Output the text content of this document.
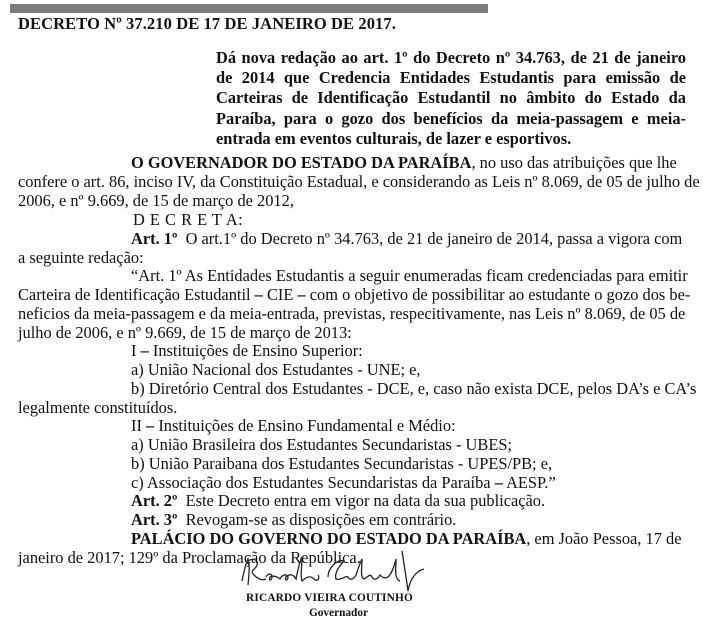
DECRETO Nº 37.210 DE 17 DE JANEIRO DE 2017.
Dá nova redação ao art. 1º do Decreto nº 34.763, de 21 de janeiro de 2014 que Credencia Entidades Estudantis para emissão de Carteiras de Identificação Estudantil no âmbito do Estado da Paraíba, para o gozo dos benefícios da meia-passagem e meia-entrada em eventos culturais, de lazer e esportivos.
O GOVERNADOR DO ESTADO DA PARAÍBA, no uso das atribuições que lhe
confere o art. 86, inciso IV, da Constituição Estadual, e considerando as Leis nº 8.069, de 05 de julho de
2006, e nº 9.669, de 15 de março de 2012,
D E C R E T A:
Art. 1º O art.1º do Decreto nº 34.763, de 21 de janeiro de 2014, passa a vigora com
a seguinte redação:
“Art. 1º As Entidades Estudantis a seguir enumeradas ficam credenciadas para emitir
Carteira de Identificação Estudantil – CIE – com o objetivo de possibilitar ao estudante o gozo dos be-
neficios da meia-passagem e da meia-entrada, previstas, respecitivamente, nas Leis nº 8.069, de 05 de
julho de 2006, e nº 9.669, de 15 de março de 2013:
I – Instituições de Ensino Superior:
a) União Nacional dos Estudantes - UNE; e,
b) Diretório Central dos Estudantes - DCE, e, caso não exista DCE, pelos DA’s e CA’s
legalmente constituídos.
II – Instituições de Ensino Fundamental e Médio:
a) União Brasileira dos Estudantes Secundaristas - UBES;
b) União Paraibana dos Estudantes Secundaristas - UPES/PB; e,
c) Associação dos Estudantes Secundaristas da Paraíba – AESP.”
Art. 2º Este Decreto entra em vigor na data da sua publicação.
Art. 3º Revogam-se as disposições em contrário.
PALÁCIO DO GOVERNO DO ESTADO DA PARAÍBA, em João Pessoa, 17 de
janeiro de 2017; 129º da Proclamação da República.
RICARDO VIEIRA COUTINHO
Governador
